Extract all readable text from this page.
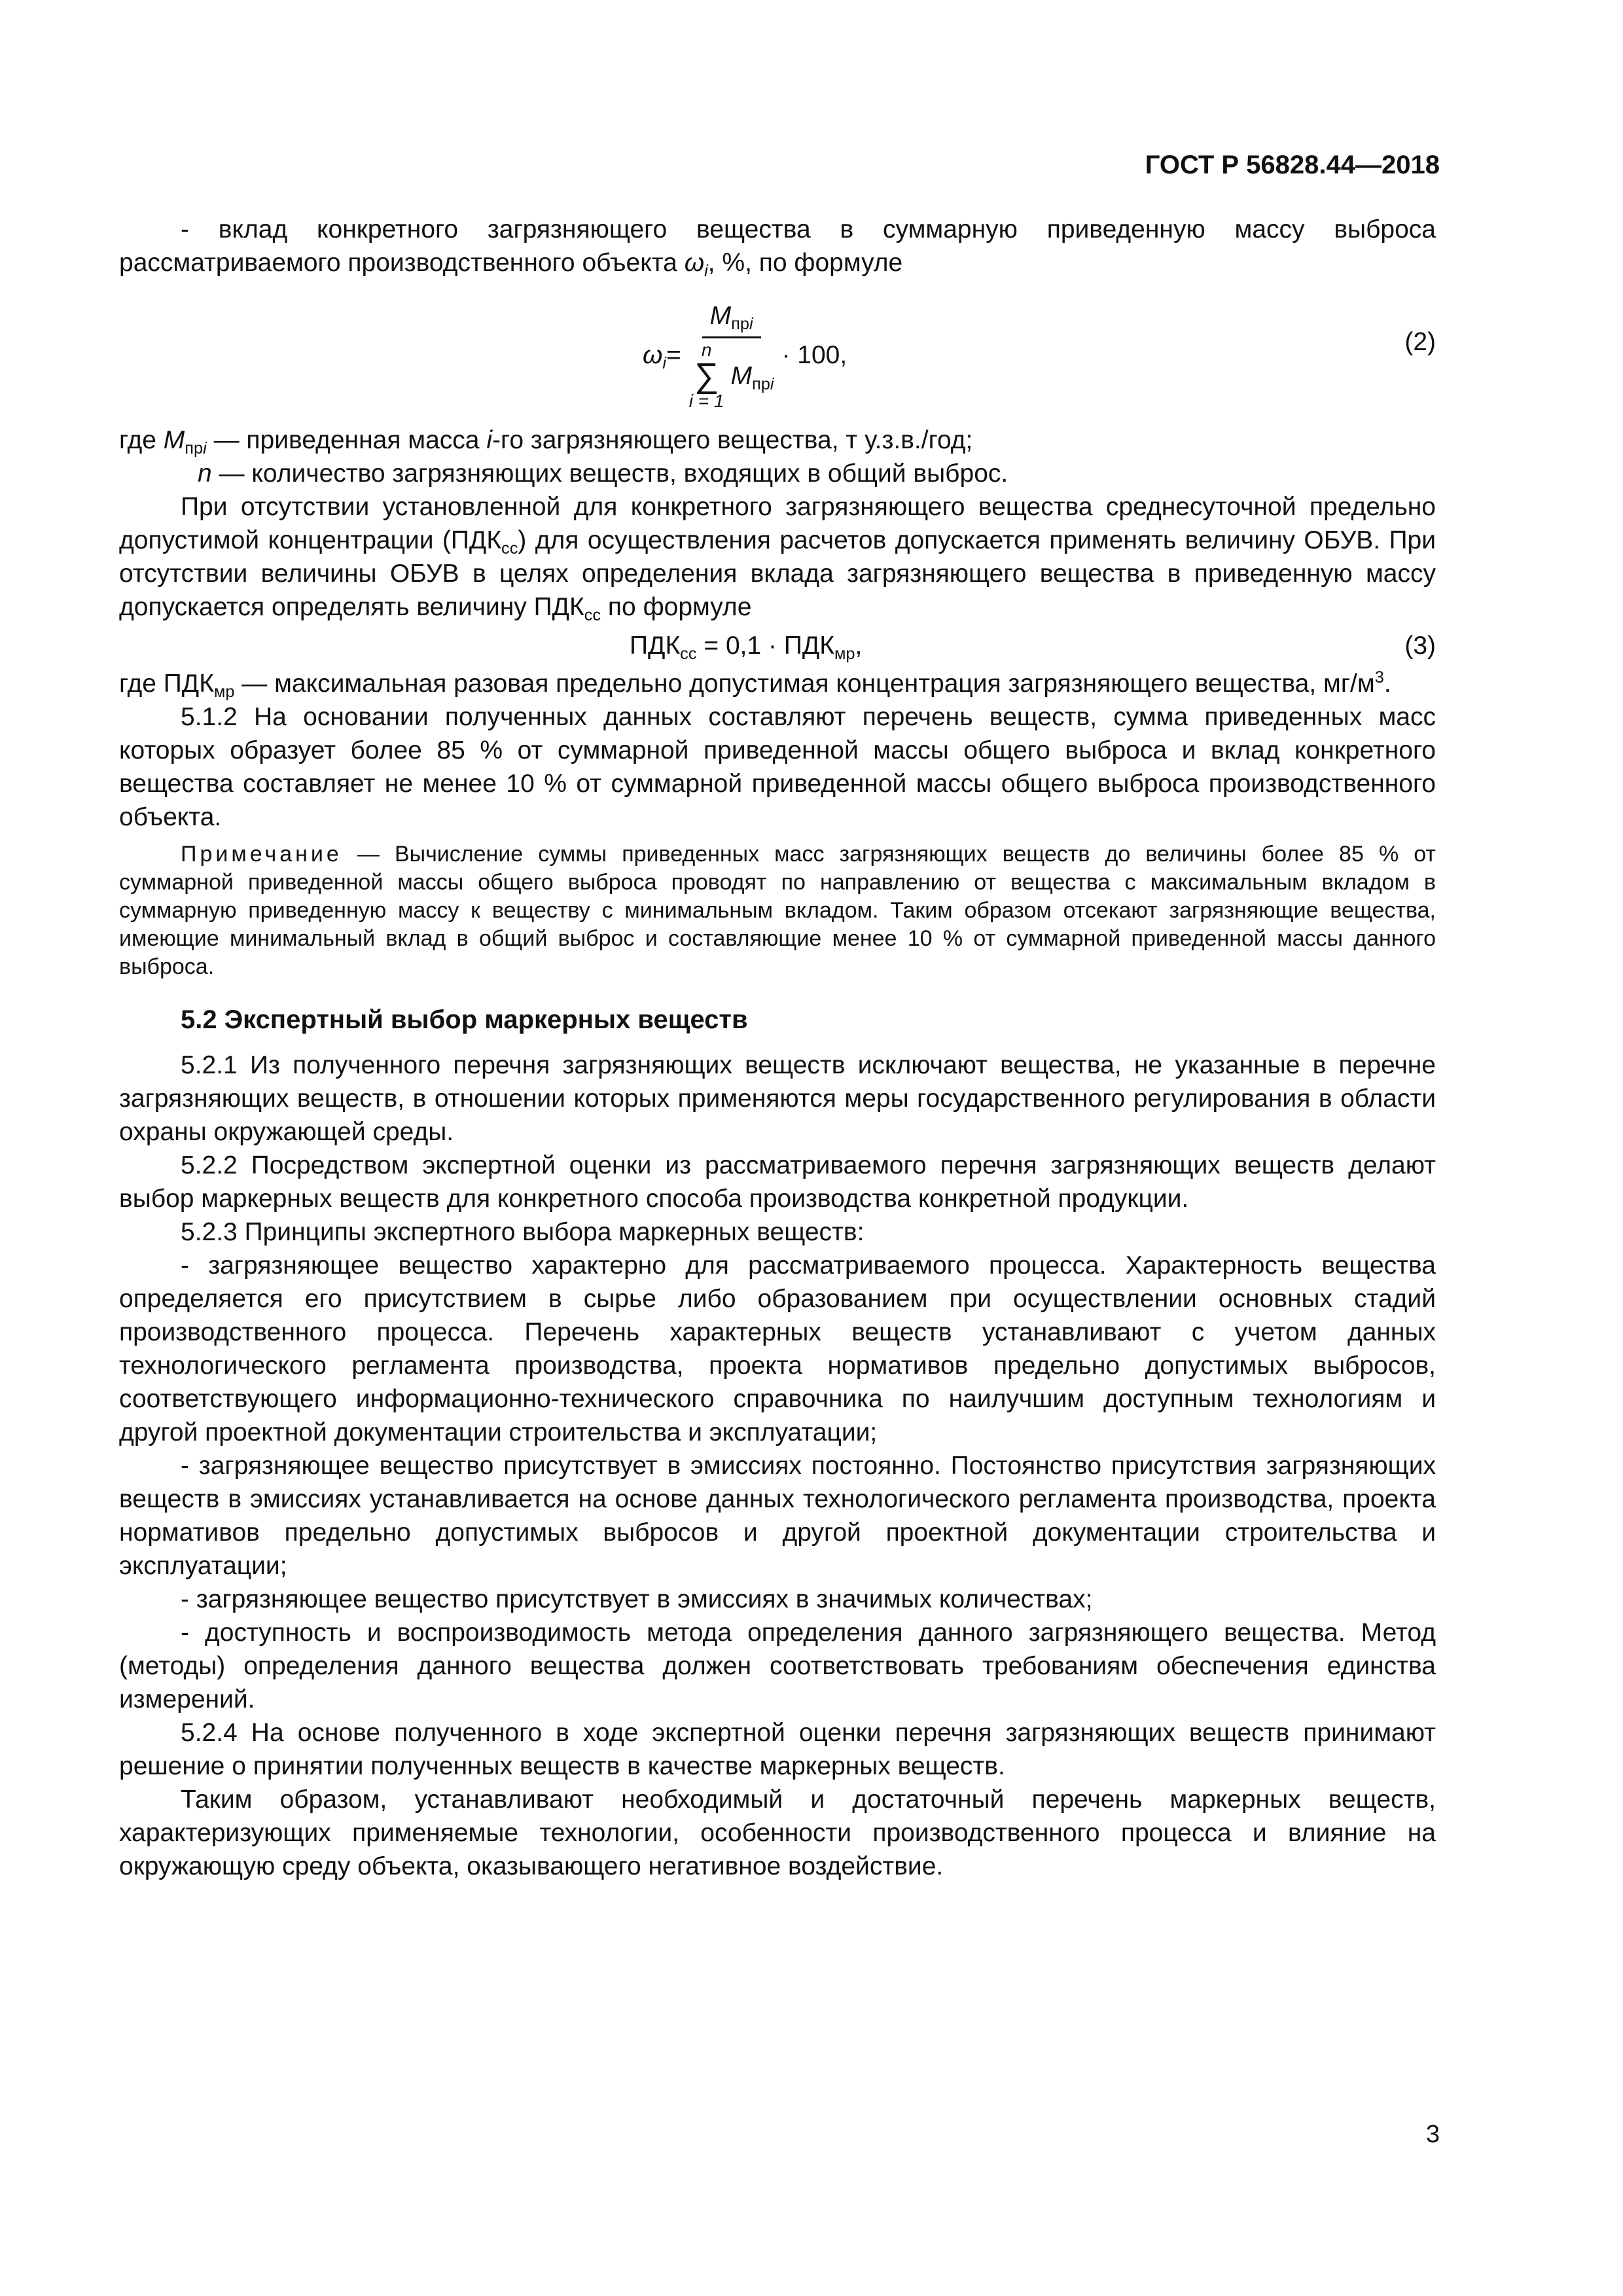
ГОСТ Р 56828.44—2018

- вклад конкретного загрязняющего вещества в суммарную приведенную массу выброса рассматриваемого производственного объекта $\omega_i$, %, по формуле

$\omega_i$ =
$M_{прi}$
n
∑
i = 1
$M_{прi}$
· 100,	(2)

где $M_{прi}$ — приведенная масса i-го загрязняющего вещества, т у.з.в./год;

n — количество загрязняющих веществ, входящих в общий выброс.

При отсутствии установленной для конкретного загрязняющего вещества среднесуточной предельно допустимой концентрации $(ПДК_{сс})$ для осуществления расчетов допускается применять величину ОБУВ. При отсутствии величины ОБУВ в целях определения вклада загрязняющего вещества в приведенную массу допускается определять величину $ПДК_{сс}$ по формуле

$ПДК_{сс} = 0,1 \cdot ПДК_{мр}$,	(3)

где $ПДК_{мр}$ — максимальная разовая предельно допустимая концентрация загрязняющего вещества, $мг/м^3$.

5.1.2 На основании полученных данных составляют перечень веществ, сумма приведенных масс которых образует более 85 % от суммарной приведенной массы общего выброса и вклад конкретного вещества составляет не менее 10 % от суммарной приведенной массы общего выброса производственного объекта.

Примечание — Вычисление суммы приведенных масс загрязняющих веществ до величины более 85 % от суммарной приведенной массы общего выброса проводят по направлению от вещества с максимальным вкладом в суммарную приведенную массу к веществу с минимальным вкладом. Таким образом отсекают загрязняющие вещества, имеющие минимальный вклад в общий выброс и составляющие менее 10 % от суммарной приведенной массы данного выброса.

5.2 Экспертный выбор маркерных веществ

5.2.1 Из полученного перечня загрязняющих веществ исключают вещества, не указанные в перечне загрязняющих веществ, в отношении которых применяются меры государственного регулирования в области охраны окружающей среды.

5.2.2 Посредством экспертной оценки из рассматриваемого перечня загрязняющих веществ делают выбор маркерных веществ для конкретного способа производства конкретной продукции.

5.2.3 Принципы экспертного выбора маркерных веществ:

- загрязняющее вещество характерно для рассматриваемого процесса. Характерность вещества определяется его присутствием в сырье либо образованием при осуществлении основных стадий производственного процесса. Перечень характерных веществ устанавливают с учетом данных технологического регламента производства, проекта нормативов предельно допустимых выбросов, соответствующего информационно-технического справочника по наилучшим доступным технологиям и другой проектной документации строительства и эксплуатации;

- загрязняющее вещество присутствует в эмиссиях постоянно. Постоянство присутствия загрязняющих веществ в эмиссиях устанавливается на основе данных технологического регламента производства, проекта нормативов предельно допустимых выбросов и другой проектной документации строительства и эксплуатации;

- загрязняющее вещество присутствует в эмиссиях в значимых количествах;

- доступность и воспроизводимость метода определения данного загрязняющего вещества. Метод (методы) определения данного вещества должен соответствовать требованиям обеспечения единства измерений.

5.2.4 На основе полученного в ходе экспертной оценки перечня загрязняющих веществ принимают решение о принятии полученных веществ в качестве маркерных веществ.

Таким образом, устанавливают необходимый и достаточный перечень маркерных веществ, характеризующих применяемые технологии, особенности производственного процесса и влияние на окружающую среду объекта, оказывающего негативное воздействие.

3
